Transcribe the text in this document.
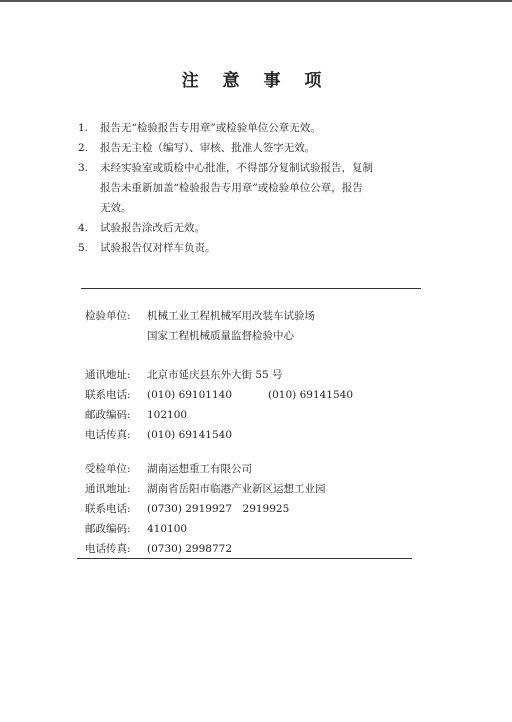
注 意 事 项
1.	报告无“检验报告专用章”或检验单位公章无效。
2.	报告无主检（编写）、审核、批准人签字无效。
3.	未经实验室或质检中心批准，不得部分复制试验报告，复制
报告未重新加盖“检验报告专用章”或检验单位公章，报告
无效。
4.	试验报告涂改后无效。
5.	试验报告仅对样车负责。
检验单位:	机械工业工程机械军用改装车试验场
国家工程机械质量监督检验中心
通讯地址:	北京市延庆县东外大街 55 号
联系电话:	(010) 69101140	(010) 69141540
邮政编码:	102100
电话传真:	(010) 69141540
受检单位:	湖南运想重工有限公司
通讯地址:	湖南省岳阳市临港产业新区运想工业园
联系电话:	(0730) 2919927　2919925
邮政编码:	410100
电话传真:	(0730) 2998772
